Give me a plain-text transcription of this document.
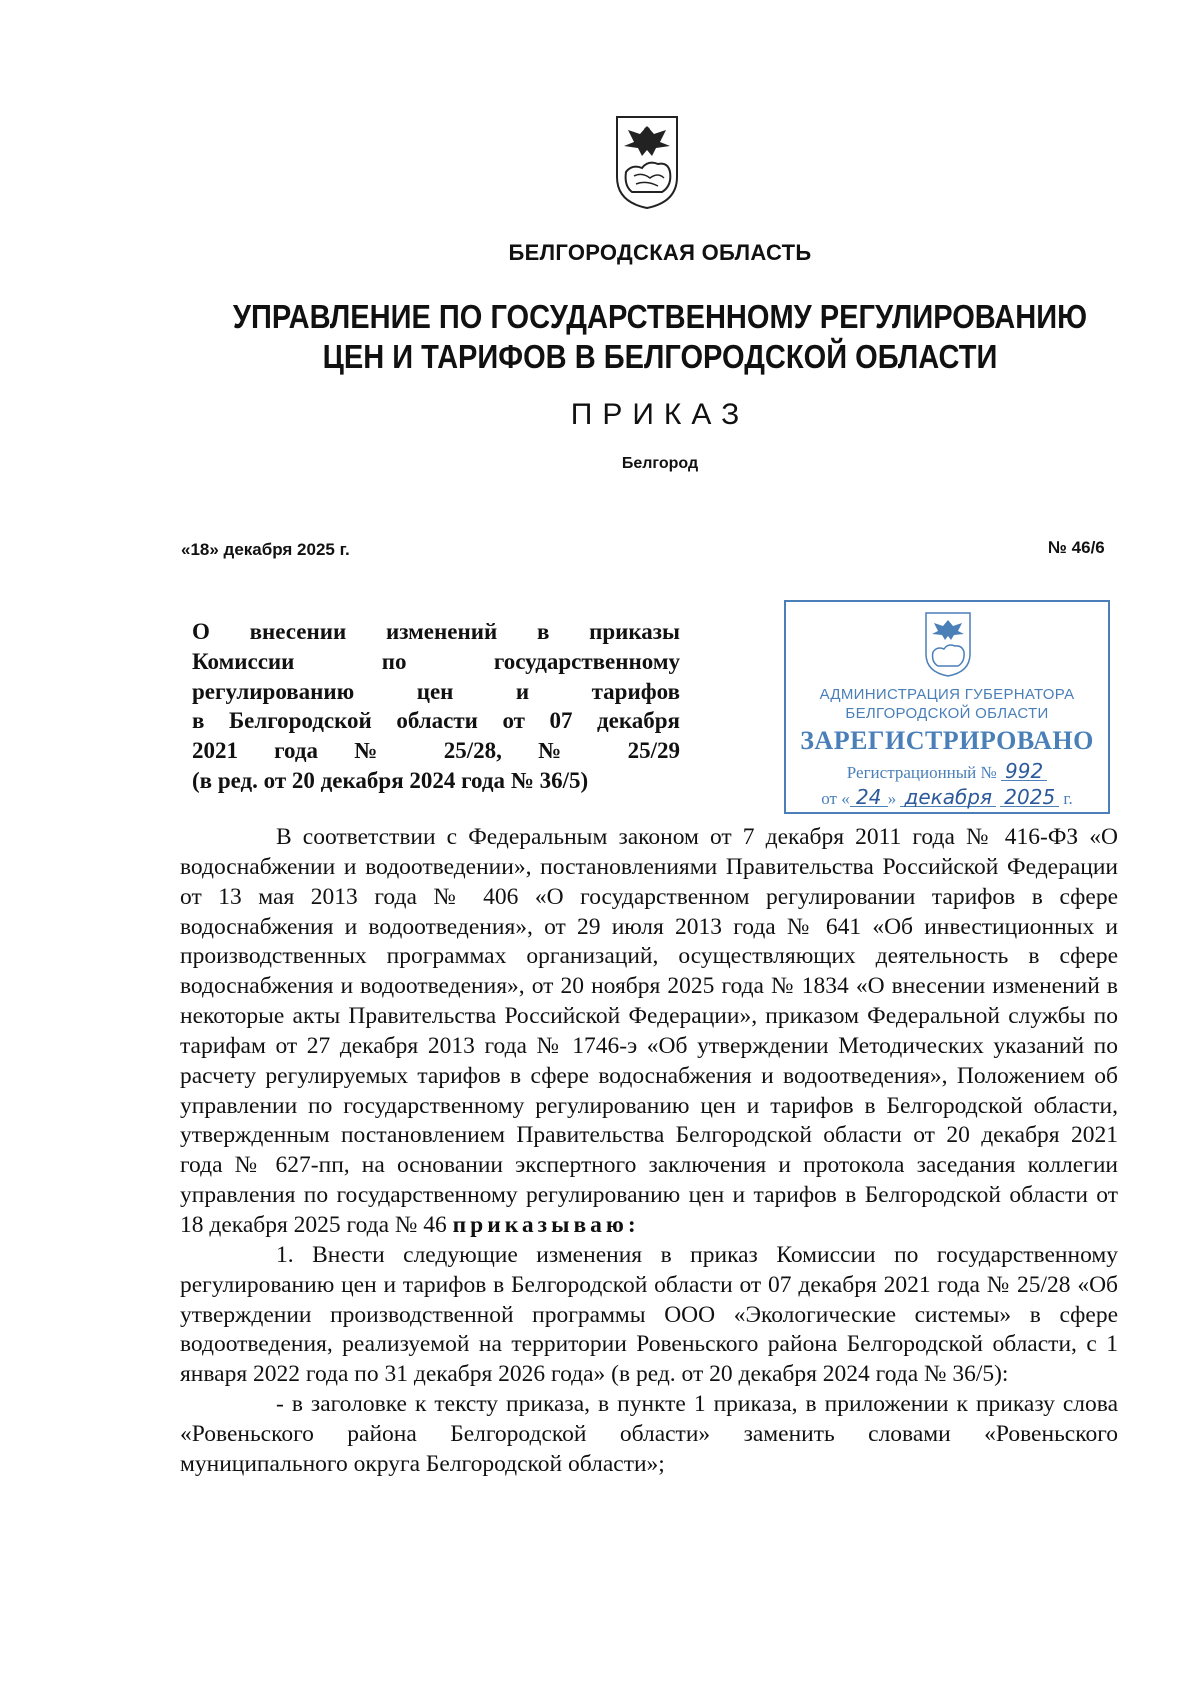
БЕЛГОРОДСКАЯ ОБЛАСТЬ
УПРАВЛЕНИЕ ПО ГОСУДАРСТВЕННОМУ РЕГУЛИРОВАНИЮ
ЦЕН И ТАРИФОВ В БЕЛГОРОДСКОЙ ОБЛАСТИ
ПРИКАЗ
Белгород
«18» декабря 2025 г.	№ 46/6
О внесении изменений в приказы
Комиссии по государственному
регулированию цен и тарифов
в Белгородской области от 07 декабря
2021 года № 25/28, № 25/29
(в ред. от 20 декабря 2024 года № 36/5)
АДМИНИСТРАЦИЯ ГУБЕРНАТОРА
БЕЛГОРОДСКОЙ ОБЛАСТИ
ЗАРЕГИСТРИРОВАНО
Регистрационный № 992
от « 24 » декабря 2025 г.

В соответствии с Федеральным законом от 7 декабря 2011 года № 416-ФЗ «О водоснабжении и водоотведении», постановлениями Правительства Российской Федерации от 13 мая 2013 года № 406 «О государственном регулировании тарифов в сфере водоснабжения и водоотведения», от 29 июля 2013 года № 641 «Об инвестиционных и производственных программах организаций, осуществляющих деятельность в сфере водоснабжения и водоотведения», от 20 ноября 2025 года № 1834 «О внесении изменений в некоторые акты Правительства Российской Федерации», приказом Федеральной службы по тарифам от 27 декабря 2013 года № 1746-э «Об утверждении Методических указаний по расчету регулируемых тарифов в сфере водоснабжения и водоотведения», Положением об управлении по государственному регулированию цен и тарифов в Белгородской области, утвержденным постановлением Правительства Белгородской области от 20 декабря 2021 года № 627-пп, на основании экспертного заключения и протокола заседания коллегии управления по государственному регулированию цен и тарифов в Белгородской области от 18 декабря 2025 года № 46 приказываю:

1. Внести следующие изменения в приказ Комиссии по государственному регулированию цен и тарифов в Белгородской области от 07 декабря 2021 года № 25/28 «Об утверждении производственной программы ООО «Экологические системы» в сфере водоотведения, реализуемой на территории Ровеньского района Белгородской области, с 1 января 2022 года по 31 декабря 2026 года» (в ред. от 20 декабря 2024 года № 36/5):

- в заголовке к тексту приказа, в пункте 1 приказа, в приложении к приказу слова «Ровеньского района Белгородской области» заменить словами «Ровеньского муниципального округа Белгородской области»;
